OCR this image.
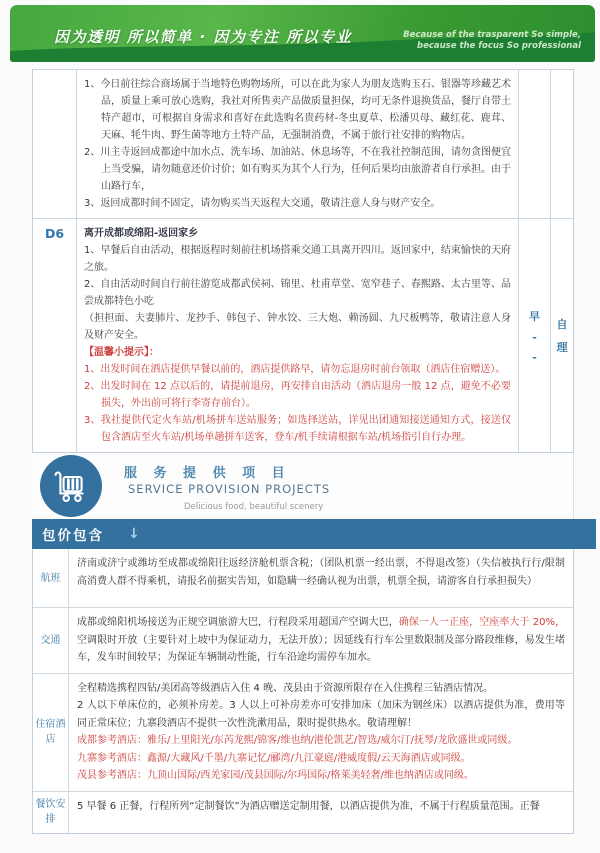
因为透明 所以简单 · 因为专注 所以专业	Because of the trasparent So simple,
because the focus So professional

1、今日前往综合商场属于当地特色购物场所，可以在此为家人为朋友选购玉石、银器等珍藏艺术品，质量上乘可放心选购，我社对所售卖产品做质量担保，均可无条件退换货品，餐厅自带土特产超市，可根据自身需求和喜好在此选购名贵药材-冬虫夏草、松潘贝母、藏红花、鹿茸、天麻、牦牛肉、野生菌等地方土特产品，无强制消费，不属于旅行社安排的购物店。

2、川主寺返回成都途中加水点、洗车场、加油站、休息场等，不在我社控制范围，请勿贪图便宜上当受骗，请勿随意还价讨价；如有购买为其个人行为，任何后果均由旅游者自行承担。由于山路行车，

3、返回成都时间不固定，请勿购买当天返程大交通，敬请注意人身与财产安全。

D6	离开成都或绵阳-返回家乡

1、早餐后自由活动，根据返程时刻前往机场搭乘交通工具离开四川。返回家中，结束愉快的天府之旅。

2、自由活动时间自行前往游览成都武侯祠、锦里、杜甫草堂、宽窄巷子、春熙路、太古里等、品尝成都特色小吃

（担担面、夫妻肺片、龙抄手、韩包子、钟水饺、三大炮、赖汤圆、九尺板鸭等，敬请注意人身及财产安全。

【温馨小提示】：

1、出发时间在酒店提供早餐以前的，酒店提供路早，请勿忘退房时前台领取（酒店住宿赠送）。

2、出发时间在 12 点以后的，请提前退房，再安排自由活动（酒店退房一般 12 点，避免不必要损失，外出前可将行李寄存前台）。

3、我社提供代定火车站/机场拼车送站服务；如选择送站，详见出团通知接送通知方式，接送仅包含酒店至火车站/机场单趟拼车送客，登车/机手续请根据车站/机场指引自行办理。

早
-
-
自
理
服 务 提 供 项 目
SERVICE PROVISION PROJECTS
Delicious food, beautiful scenery
包价包含 ↓
航班
济南或济宁或潍坊至成都或绵阳往返经济舱机票含税；（团队机票一经出票，不得退改签）（失信被执行行/限制高消费人群不得乘机，请报名前据实告知，如隐瞒一经确认视为出票，机票全损，请游客自行承担损失）
交通
成都或绵阳机场接送为正规空调旅游大巴，行程段采用超国产空调大巴，确保一人一正座，空座率大于 20%，空调限时开放（主要针对上坡中为保证动力，无法开放）；因延线有行车公里数限制及部分路段维修，易发生堵车，发车时间较早；为保证车辆制动性能，行车沿途均需停车加水。
住宿酒店

全程精选携程四钻/美团高等级酒店入住 4 晚、茂县由于资源所限存在入住携程三钻酒店情况。

2 人以下单床位的，必须补房差。3 人以上可补房差亦可安排加床（加床为钢丝床）以酒店提供为准，费用等同正常床位；九寨段酒店不提供一次性洗漱用品，限时提供热水。敬请理解！

成都参考酒店：雅乐/上里阳光/东芮龙熙/锦客/维也纳/港伦凯艺/智选/威尔汀/抚琴/龙欣盛世或同级。

九寨参考酒店：鑫源/大藏风/千墨/九寨记忆/郦湾/九江豪庭/港威度假/云天海酒店或同级。

茂县参考酒店：九顶山国际/西羌家园/茂县国际/尔玛国际/格莱美轻奢/维也纳酒店或同级。

餐饮安排
5 早餐 6 正餐，行程所列“定制餐饮”为酒店赠送定制用餐，以酒店提供为准，不属于行程质量范围。正餐
